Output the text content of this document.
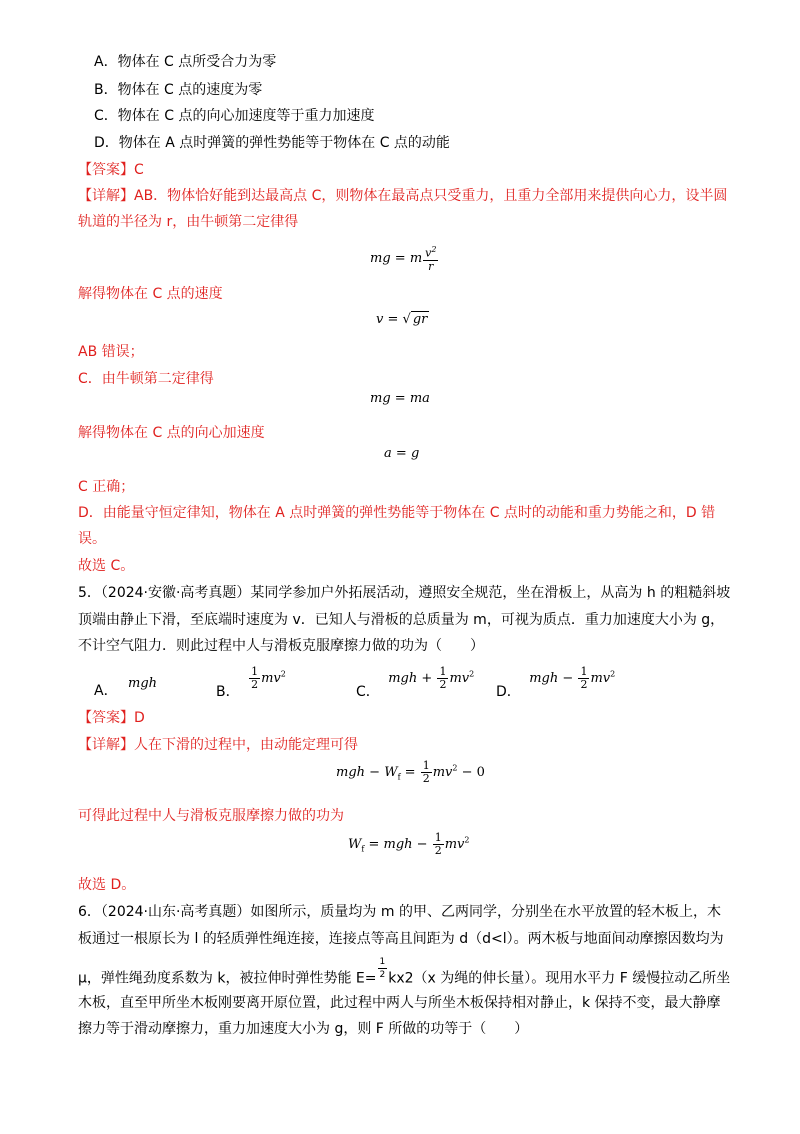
A．物体在 C 点所受合力为零
B．物体在 C 点的速度为零
C．物体在 C 点的向心加速度等于重力加速度
D．物体在 A 点时弹簧的弹性势能等于物体在 C 点的动能
【答案】C
【详解】AB．物体恰好能到达最高点 C，则物体在最高点只受重力，且重力全部用来提供向心力，设半圆
轨道的半径为 r，由牛顿第二定律得
mg = m $\frac{v^2}{r}$
解得物体在 C 点的速度
v = √ gr
AB 错误；
C．由牛顿第二定律得
mg = ma
解得物体在 C 点的向心加速度
a = g
C 正确；
D．由能量守恒定律知，物体在 A 点时弹簧的弹性势能等于物体在 C 点时的动能和重力势能之和，D 错
误。
故选 C。
5．（2024·安徽·高考真题）某同学参加户外拓展活动，遵照安全规范，坐在滑板上，从高为 h 的粗糙斜坡
顶端由静止下滑，至底端时速度为 v．已知人与滑板的总质量为 m，可视为质点．重力加速度大小为 g，
不计空气阻力．则此过程中人与滑板克服摩擦力做的功为（　　）
A． mgh
B．
$\frac{1}{2} mv^2$
C． mgh + $\frac{1}{2} mv^2$
D． mgh − $\frac{1}{2} mv^2$
【答案】D
【详解】人在下滑的过程中，由动能定理可得
mgh − $W_f = \frac{1}{2} mv^2 - 0$
可得此过程中人与滑板克服摩擦力做的功为
$W_f$ = mgh − $\frac{1}{2} mv^2$
故选 D。
6．（2024·山东·高考真题）如图所示，质量均为 m 的甲、乙两同学，分别坐在水平放置的轻木板上，木
板通过一根原长为 l 的轻质弹性绳连接，连接点等高且间距为 d（d<l）。两木板与地面间动摩擦因数均为
μ，弹性绳劲度系数为 k，被拉伸时弹性势能 $E= \frac{1}{2} kx2(x$ 为绳的伸长量）。现用水平力 F 缓慢拉动乙所坐
木板，直至甲所坐木板刚要离开原位置，此过程中两人与所坐木板保持相对静止，k 保持不变，最大静摩
擦力等于滑动摩擦力，重力加速度大小为 g，则 F 所做的功等于（　　）
